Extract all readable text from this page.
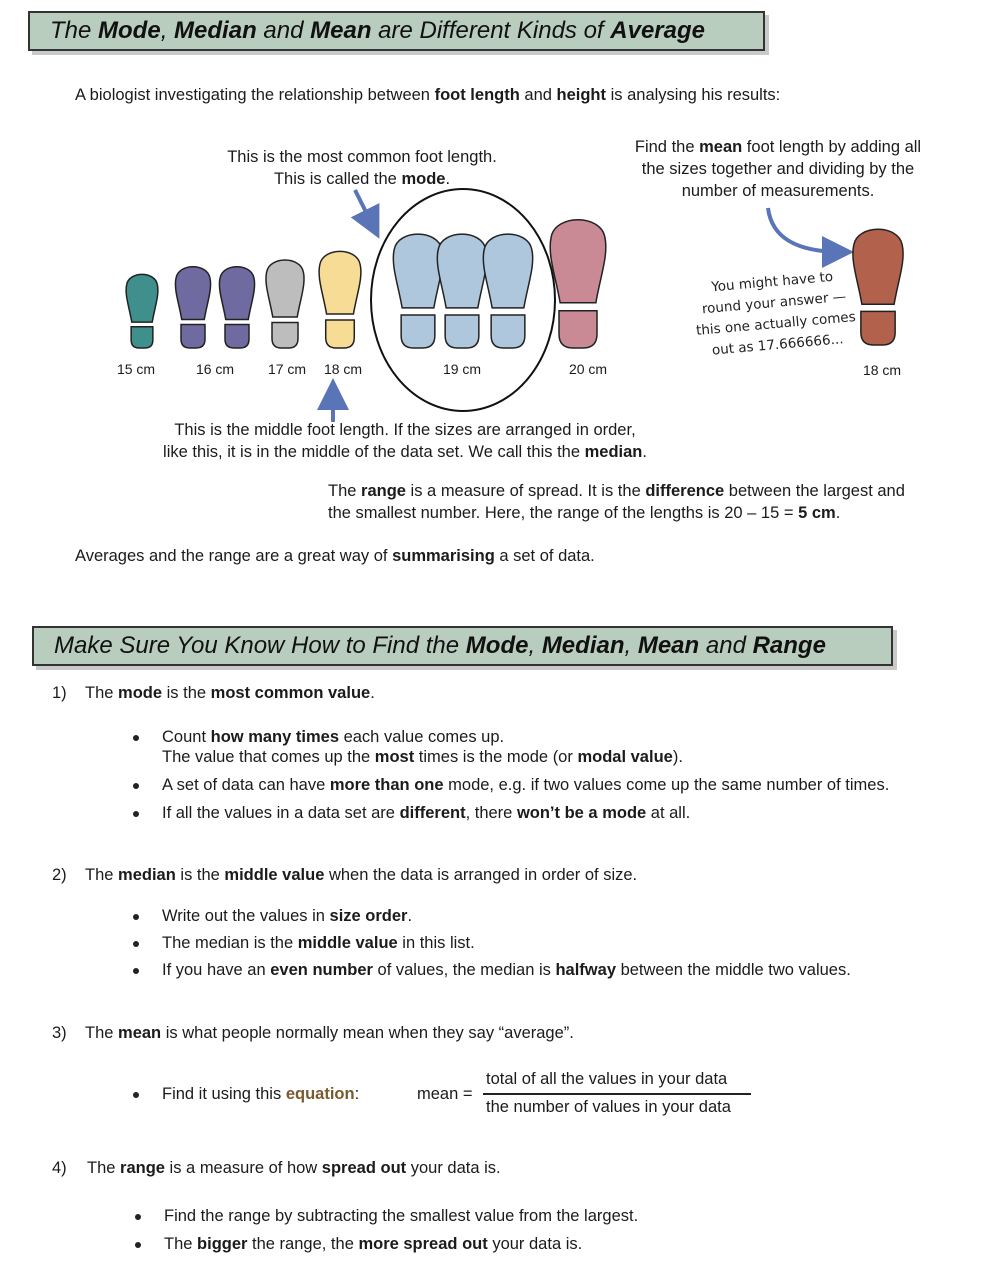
The Mode, Median and Mean are Different Kinds of Average
A biologist investigating the relationship between foot length and height is analysing his results:
This is the most common foot length.
This is called the mode.
Find the mean foot length by adding all
the sizes together and dividing by the
number of measurements.
You might have to
round your answer —
this one actually comes
out as 17.666666...
15 cm	16 cm 17 cm 18 cm	19 cm	20 cm	18 cm
This is the middle foot length. If the sizes are arranged in order,
like this, it is in the middle of the data set. We call this the median.
The range is a measure of spread. It is the difference between the largest and
the smallest number. Here, the range of the lengths is 20 – 15 = 5 cm.
Averages and the range are a great way of summarising a set of data.
Make Sure You Know How to Find the Mode, Median, Mean and Range
1) The mode is the most common value.
Count how many times each value comes up.
The value that comes up the most times is the mode (or modal value).
A set of data can have more than one mode, e.g. if two values come up the same number of times.
If all the values in a data set are different, there won’t be a mode at all.
2) The median is the middle value when the data is arranged in order of size.
Write out the values in size order.
The median is the middle value in this list.
If you have an even number of values, the median is halfway between the middle two values.
3) The mean is what people normally mean when they say “average”.
Find it using this equation:	mean =
total of all the values in your data
the number of values in your data
4) The range is a measure of how spread out your data is.
Find the range by subtracting the smallest value from the largest.
The bigger the range, the more spread out your data is.
